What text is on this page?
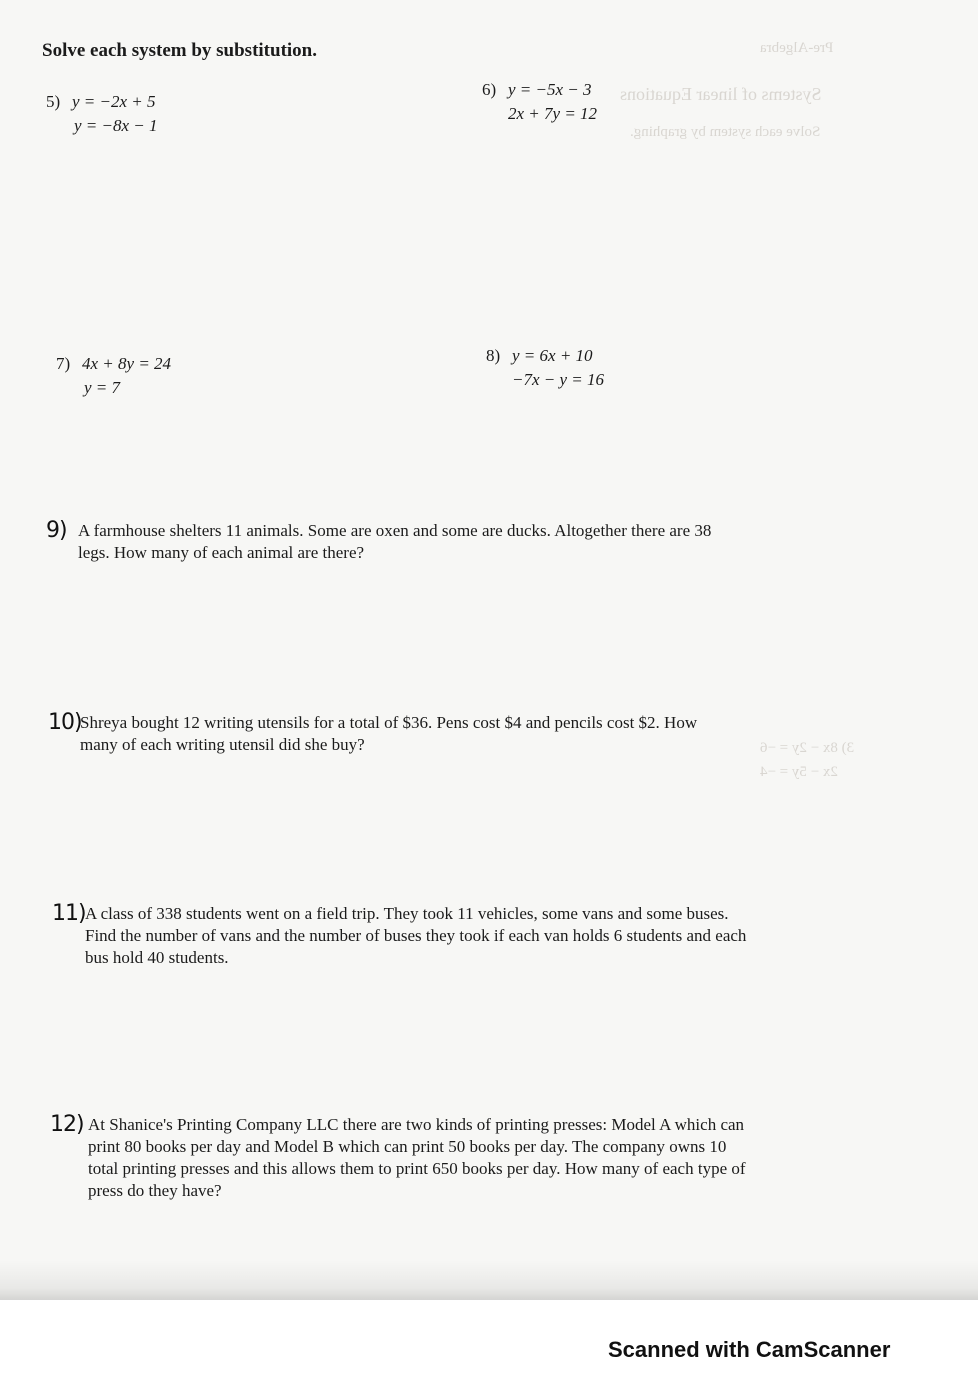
Pre-Algebra
Systems of linear Equations
Solve each system by graphing.
3) 8x − 2y = −6
2x − 5y = −4
Solve each system by substitution.
5) y = −2x + 5
y = −8x − 1
6) y = −5x − 3
2x + 7y = 12
7) 4x + 8y = 24
y = 7
8) y = 6x + 10
−7x − y = 16
9) A farmhouse shelters 11 animals. Some are oxen and some are ducks. Altogether there are 38
legs. How many of each animal are there?
10)
Shreya bought 12 writing utensils for a total of $36. Pens cost $4 and pencils cost $2. How
many of each writing utensil did she buy?
11) A class of 338 students went on a field trip. They took 11 vehicles, some vans and some buses.
Find the number of vans and the number of buses they took if each van holds 6 students and each
bus hold 40 students.
12) At Shanice's Printing Company LLC there are two kinds of printing presses: Model A which can
print 80 books per day and Model B which can print 50 books per day. The company owns 10
total printing presses and this allows them to print 650 books per day. How many of each type of
press do they have?
Scanned with CamScanner
